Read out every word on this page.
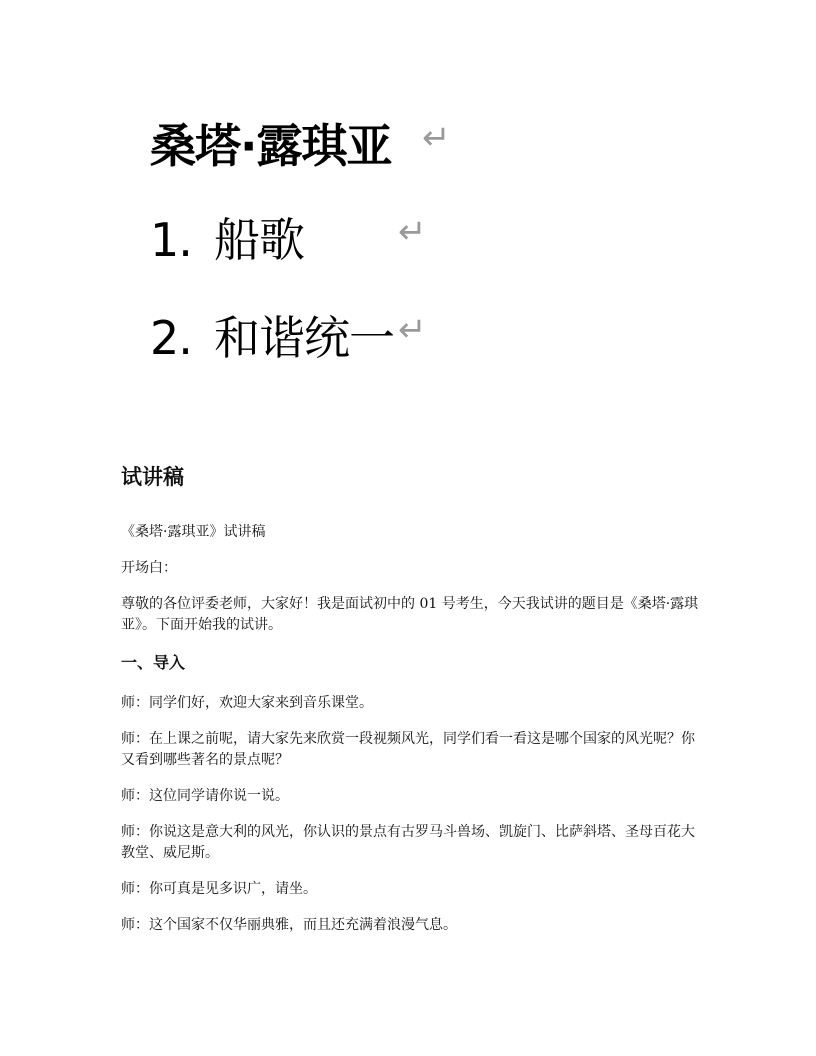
桑塔·露琪亚 ↵
1. 船歌	↵
2. 和谐统一 ↵
试讲稿

《桑塔·露琪亚》试讲稿

开场白：

尊敬的各位评委老师，大家好！我是面试初中的 01 号考生，今天我试讲的题目是《桑塔·露琪亚》。下面开始我的试讲。

一、导入

师：同学们好，欢迎大家来到音乐课堂。

师：在上课之前呢，请大家先来欣赏一段视频风光，同学们看一看这是哪个国家的风光呢？你又看到哪些著名的景点呢？

师：这位同学请你说一说。

师：你说这是意大利的风光，你认识的景点有古罗马斗兽场、凯旋门、比萨斜塔、圣母百花大教堂、威尼斯。

师：你可真是见多识广，请坐。

师：这个国家不仅华丽典雅，而且还充满着浪漫气息。
